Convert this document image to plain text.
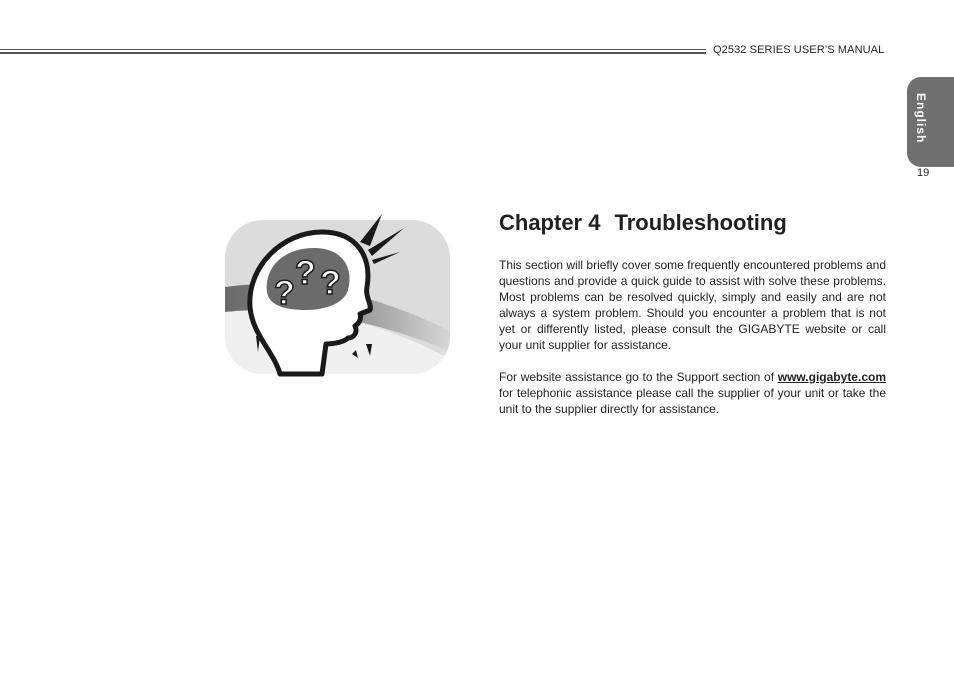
Q2532 SERIES USER’S MANUAL
English
19
?
? ?
Chapter 4 Troubleshooting

This section will briefly cover some frequently encountered problems and questions and provide a quick guide to assist with solve these problems. Most problems can be resolved quickly, simply and easily and are not always a system problem. Should you encounter a problem that is not yet or differently listed, please consult the GIGABYTE website or call your unit supplier for assistance.

For website assistance go to the Support section of www.gigabyte.com for telephonic assistance please call the supplier of your unit or take the unit to the supplier directly for assistance.
